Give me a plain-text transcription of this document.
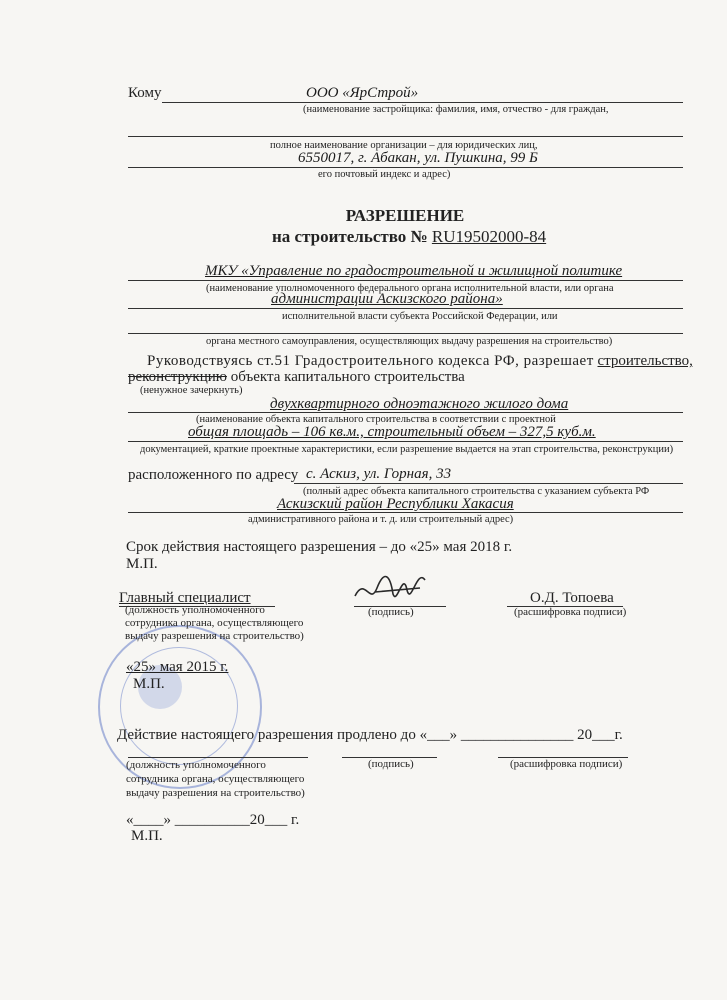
Кому	ООО «ЯрСтрой»
(наименование застройщика: фамилия, имя, отчество - для граждан,
полное наименование организации – для юридических лиц,
6550017, г. Абакан, ул. Пушкина, 99 Б
его почтовый индекс и адрес)
РАЗРЕШЕНИЕ
на строительство № RU19502000-84
МКУ «Управление по градостроительной и жилищной политике
(наименование уполномоченного федерального органа исполнительной власти, или органа
администрации Аскизского района»
исполнительной власти субъекта Российской Федерации, или
органа местного самоуправления, осуществляющих выдачу разрешения на строительство)
Руководствуясь ст.51 Градостроительного кодекса РФ, разрешает строительство,
реконструкцию объекта капитального строительства
(ненужное зачеркнуть)
двухквартирного одноэтажного жилого дома
(наименование объекта капитального строительства в соответствии с проектной
общая площадь – 106 кв.м., строительный объем – 327,5 куб.м.
документацией, краткие проектные характеристики, если разрешение выдается на этап строительства, реконструкции)
расположенного по адресу с. Аскиз, ул. Горная, 33
(полный адрес объекта капитального строительства с указанием субъекта РФ
Аскизский район Республики Хакасия
административного района и т. д. или строительный адрес)
Срок действия настоящего разрешения – до «25» мая 2018 г.
М.П.
Главный специалист
(должность уполномоченного
сотрудника органа, осуществляющего
выдачу разрешения на строительство)
(подпись)
О.Д. Топоева
(расшифровка подписи)
«25» мая 2015 г.
М.П.
Действие настоящего разрешения продлено до «___» _______________ 20___г.
(должность уполномоченного
сотрудника органа, осуществляющего
выдачу разрешения на строительство)
(подпись)	(расшифровка подписи)
«____» __________20___ г.
М.П.
